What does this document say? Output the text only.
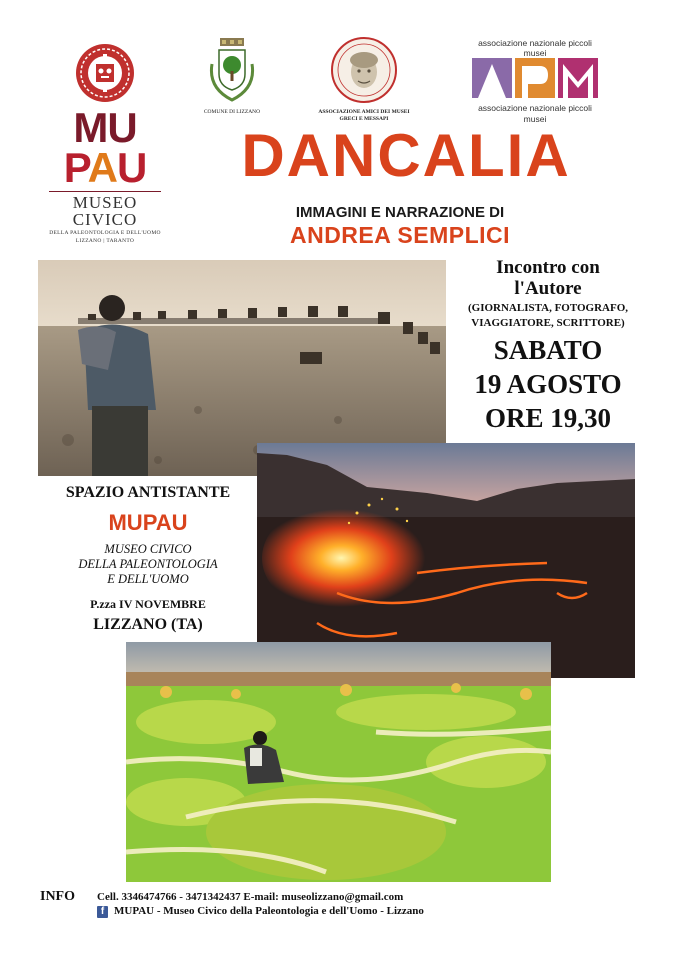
MU
PAU
MUSEO
CIVICO
DELLA PALEONTOLOGIA E DELL'UOMO
LIZZANO | TARANTO
COMUNE DI LIZZANO	ASSOCIAZIONE AMICI DEI MUSEI
GRECI E MESSAPI
associazione nazionale piccoli musei
associazione nazionale piccoli musei
DANCALIA
IMMAGINI E NARRAZIONE DI
ANDREA SEMPLICI
Incontro con
l'Autore
(GIORNALISTA, FOTOGRAFO,
VIAGGIATORE, SCRITTORE)
SABATO
19 AGOSTO
ORE 19,30
SPAZIO ANTISTANTE
MUPAU
MUSEO CIVICO
DELLA PALEONTOLOGIA
E DELL'UOMO
P.zza IV NOVEMBRE
LIZZANO (TA)
INFO Cell. 3346474766 - 3471342437 E-mail: museolizzano@gmail.com
f MUPAU - Museo Civico della Paleontologia e dell'Uomo - Lizzano
